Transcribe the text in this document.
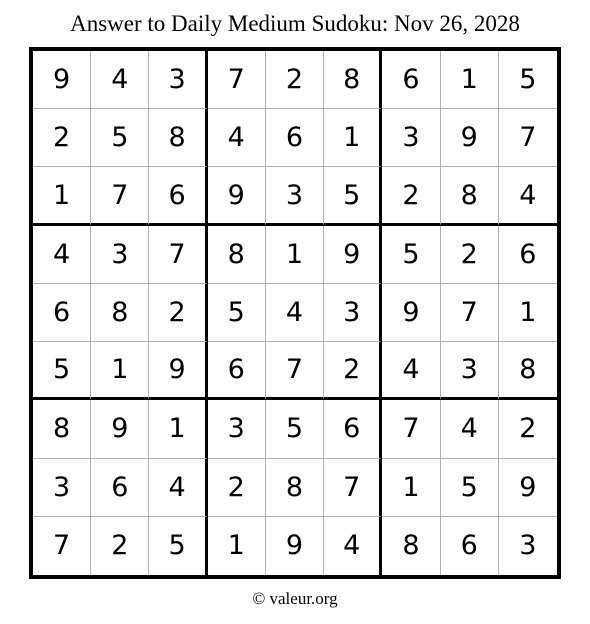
Answer to Daily Medium Sudoku: Nov 26, 2028
9	4	3	7	2	8	6	1	5
2	5	8	4	6	1	3	9	7
1	7	6	9	3	5	2	8	4
4	3	7	8	1	9	5	2	6
6	8	2	5	4	3	9	7	1
5	1	9	6	7	2	4	3	8
8	9	1	3	5	6	7	4	2
3	6	4	2	8	7	1	5	9
7	2	5	1	9	4	8	6	3
© valeur.org
